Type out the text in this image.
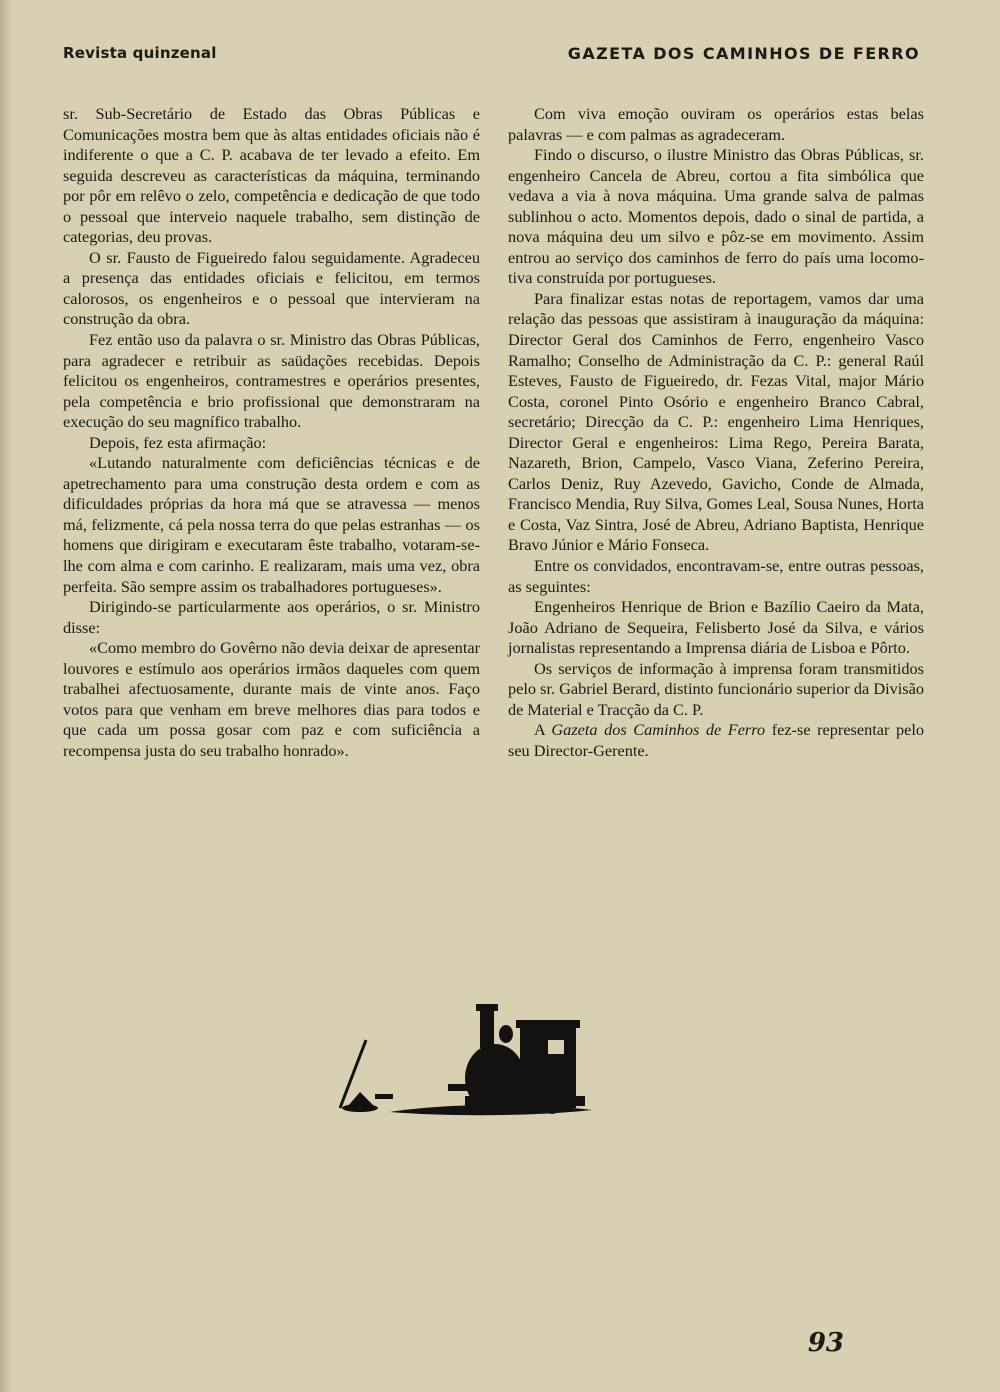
Revista quinzenal	GAZETA DOS CAMINHOS DE FERRO

sr. Sub-Secretário de Estado das Obras Públicas e Comunicações mostra bem que às altas entidades oficiais não é indiferente o que a C. P. acabava de ter levado a efeito. Em seguida descreveu as características da máquina, terminando por pôr em relêvo o zelo, competência e dedicação de que todo o pessoal que interveio naquele trabalho, sem distinção de categorias, deu provas.

O sr. Fausto de Figueiredo falou seguidamente. Agradeceu a presença das entidades oficiais e felicitou, em termos calorosos, os engenheiros e o pessoal que intervieram na construção da obra.

Fez então uso da palavra o sr. Ministro das Obras Públicas, para agradecer e retribuir as saüdações recebidas. Depois felicitou os engenheiros, contramestres e operários presentes, pela competência e brio profissional que demonstraram na execução do seu magnífico trabalho.

Depois, fez esta afirmação:

«Lutando naturalmente com deficiências técnicas e de apetrechamento para uma construção desta ordem e com as dificuldades próprias da hora má que se atravessa — menos má, felizmente, cá pela nossa terra do que pelas estranhas — os homens que dirigiram e executaram êste trabalho, votaram-se-lhe com alma e com carinho. E realizaram, mais uma vez, obra perfeita. São sempre assim os trabalhadores portugueses».

Dirigindo-se particularmente aos operários, o sr. Ministro disse:

«Como membro do Govêrno não devia deixar de apresentar louvores e estímulo aos operários irmãos daqueles com quem trabalhei afectuosamente, durante mais de vinte anos. Faço votos para que venham em breve melhores dias para todos e que cada um possa gosar com paz e com suficiência a recompensa justa do seu trabalho honrado».

Com viva emoção ouviram os operários estas belas palavras — e com palmas as agradeceram.

Findo o discurso, o ilustre Ministro das Obras Públicas, sr. engenheiro Cancela de Abreu, cortou a fita simbólica que vedava a via à nova máquina. Uma grande salva de palmas sublinhou o acto. Momentos depois, dado o sinal de partida, a nova máquina deu um silvo e pôz-se em movimento. Assim entrou ao serviço dos caminhos de ferro do país uma locomotiva construída por portugueses.

Para finalizar estas notas de reportagem, vamos dar uma relação das pessoas que assistiram à inauguração da máquina: Director Geral dos Caminhos de Ferro, engenheiro Vasco Ramalho; Conselho de Administração da C. P.: general Raúl Esteves, Fausto de Figueiredo, dr. Fezas Vital, major Mário Costa, coronel Pinto Osório e engenheiro Branco Cabral, secretário; Direcção da C. P.: engenheiro Lima Henriques, Director Geral e engenheiros: Lima Rego, Pereira Barata, Nazareth, Brion, Campelo, Vasco Viana, Zeferino Pereira, Carlos Deniz, Ruy Azevedo, Gavicho, Conde de Almada, Francisco Mendia, Ruy Silva, Gomes Leal, Sousa Nunes, Horta e Costa, Vaz Sintra, José de Abreu, Adriano Baptista, Henrique Bravo Júnior e Mário Fonseca.

Entre os convidados, encontravam-se, entre outras pessoas, as seguintes:

Engenheiros Henrique de Brion e Bazílio Caeiro da Mata, João Adriano de Sequeira, Felisberto José da Silva, e vários jornalistas representando a Imprensa diária de Lisboa e Pôrto.

Os serviços de informação à imprensa foram transmitidos pelo sr. Gabriel Berard, distinto funcionário superior da Divisão de Material e Tracção da C. P.

A Gazeta dos Caminhos de Ferro fez-se representar pelo seu Director-Gerente.

93
